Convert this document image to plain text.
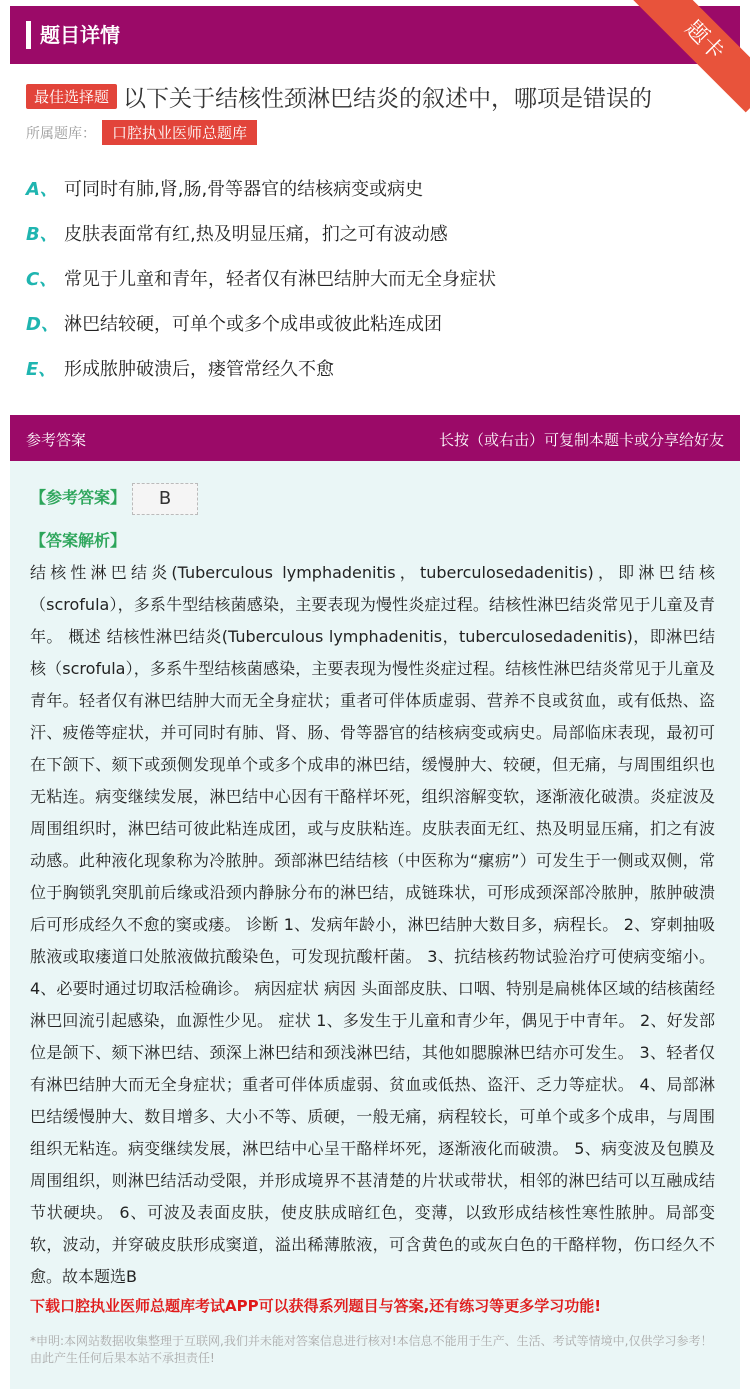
题目详情	题卡
最佳选择题 以下关于结核性颈淋巴结炎的叙述中，哪项是错误的
所属题库： 口腔执业医师总题库
A、 可同时有肺,肾,肠,骨等器官的结核病变或病史
B、 皮肤表面常有红,热及明显压痛，扪之可有波动感
C、 常见于儿童和青年，轻者仅有淋巴结肿大而无全身症状
D、 淋巴结较硬，可单个或多个成串或彼此粘连成团
E、 形成脓肿破溃后，瘘管常经久不愈
参考答案	长按（或右击）可复制本题卡或分享给好友
【参考答案】	B
【答案解析】
结核性淋巴结炎(Tuberculous lymphadenitis，tuberculosedadenitis)，即淋巴结核（scrofula），多系牛型结核菌感染，主要表现为慢性炎症过程。结核性淋巴结炎常见于儿童及青年。 概述 结核性淋巴结炎(Tuberculous lymphadenitis，tuberculosedadenitis)，即淋巴结核（scrofula），多系牛型结核菌感染，主要表现为慢性炎症过程。结核性淋巴结炎常见于儿童及青年。轻者仅有淋巴结肿大而无全身症状；重者可伴体质虚弱、营养不良或贫血，或有低热、盗汗、疲倦等症状，并可同时有肺、肾、肠、骨等器官的结核病变或病史。局部临床表现，最初可在下颌下、颏下或颈侧发现单个或多个成串的淋巴结，缓慢肿大、较硬，但无痛，与周围组织也无粘连。病变继续发展，淋巴结中心因有干酪样坏死，组织溶解变软，逐渐液化破溃。炎症波及周围组织时，淋巴结可彼此粘连成团，或与皮肤粘连。皮肤表面无红、热及明显压痛，扪之有波动感。此种液化现象称为冷脓肿。颈部淋巴结结核（中医称为“瘰疬”）可发生于一侧或双侧，常位于胸锁乳突肌前后缘或沿颈内静脉分布的淋巴结，成链珠状，可形成颈深部冷脓肿，脓肿破溃后可形成经久不愈的窦或瘘。 诊断 1、发病年龄小，淋巴结肿大数目多，病程长。 2、穿刺抽吸脓液或取瘘道口处脓液做抗酸染色，可发现抗酸杆菌。 3、抗结核药物试验治疗可使病变缩小。 4、必要时通过切取活检确诊。 病因症状 病因 头面部皮肤、口咽、特别是扁桃体区域的结核菌经淋巴回流引起感染，血源性少见。 症状 1、多发生于儿童和青少年，偶见于中青年。 2、好发部位是颌下、颏下淋巴结、颈深上淋巴结和颈浅淋巴结，其他如腮腺淋巴结亦可发生。 3、轻者仅有淋巴结肿大而无全身症状；重者可伴体质虚弱、贫血或低热、盗汗、乏力等症状。 4、局部淋巴结缓慢肿大、数目增多、大小不等、质硬，一般无痛，病程较长，可单个或多个成串，与周围组织无粘连。病变继续发展，淋巴结中心呈干酪样坏死，逐渐液化而破溃。 5、病变波及包膜及周围组织，则淋巴结活动受限，并形成境界不甚清楚的片状或带状，相邻的淋巴结可以互融成结节状硬块。 6、可波及表面皮肤，使皮肤成暗红色，变薄，以致形成结核性寒性脓肿。局部变软，波动，并穿破皮肤形成窦道，溢出稀薄脓液，可含黄色的或灰白色的干酪样物，伤口经久不愈。故本题选B
下载口腔执业医师总题库考试APP可以获得系列题目与答案,还有练习等更多学习功能!
*申明:本网站数据收集整理于互联网,我们并未能对答案信息进行核对!本信息不能用于生产、生活、考试等情境中,仅供学习参考！由此产生任何后果本站不承担责任!
